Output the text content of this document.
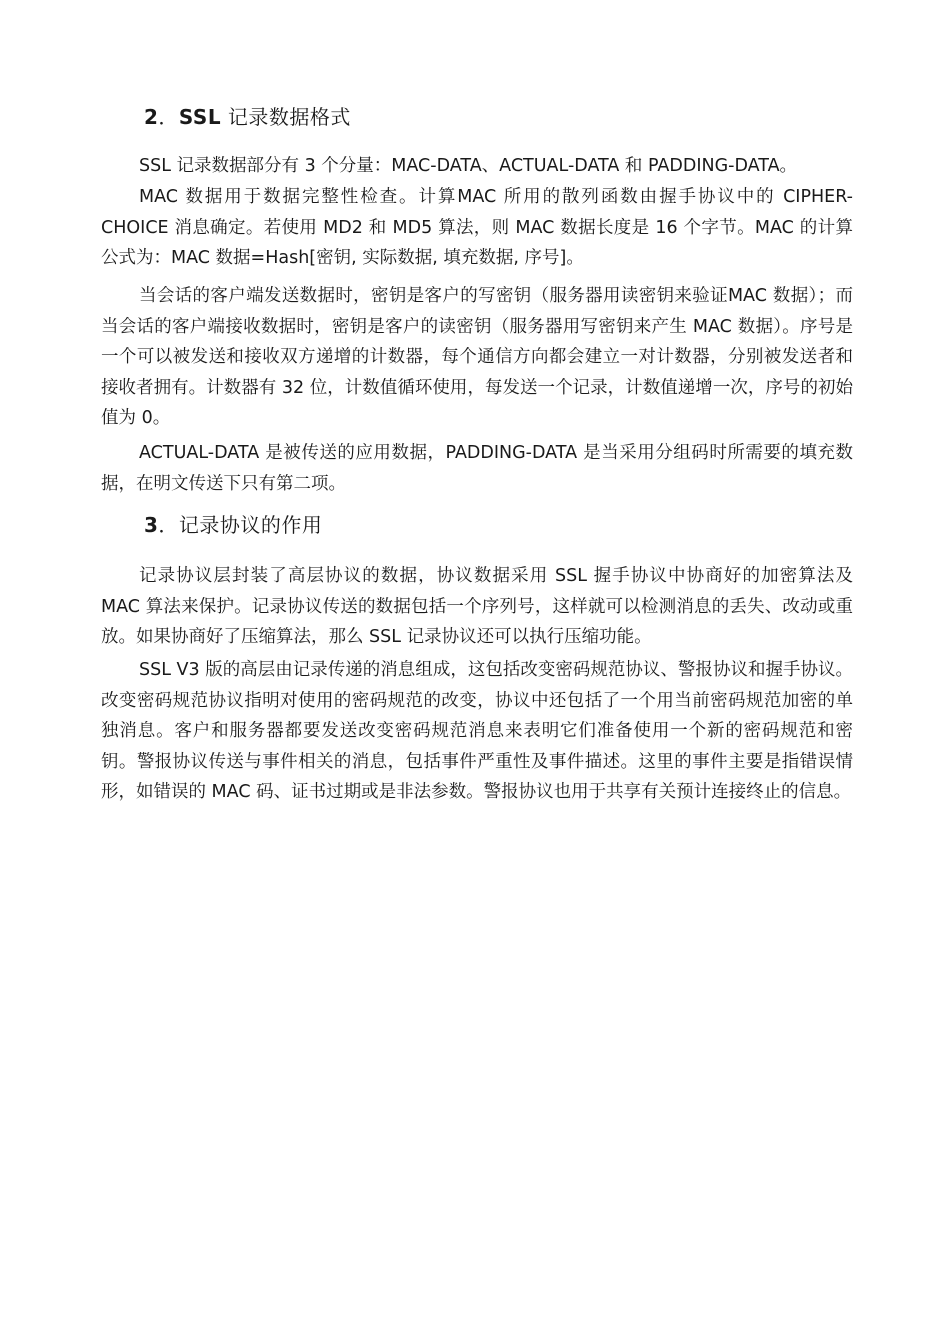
2．SSL 记录数据格式

SSL 记录数据部分有 3 个分量：MAC-DATA、ACTUAL-DATA 和 PADDING-DATA。

MAC 数据用于数据完整性检查。计算MAC 所用的散列函数由握手协议中的 CIPHER-CHOICE 消息确定。若使用 MD2 和 MD5 算法，则 MAC 数据长度是 16 个字节。MAC 的计算公式为：MAC 数据=Hash[密钥, 实际数据, 填充数据, 序号]。

当会话的客户端发送数据时，密钥是客户的写密钥（服务器用读密钥来验证MAC 数据）；而当会话的客户端接收数据时，密钥是客户的读密钥（服务器用写密钥来产生 MAC 数据）。序号是一个可以被发送和接收双方递增的计数器，每个通信方向都会建立一对计数器，分别被发送者和接收者拥有。计数器有 32 位，计数值循环使用，每发送一个记录，计数值递增一次，序号的初始值为 0。

ACTUAL-DATA 是被传送的应用数据，PADDING-DATA 是当采用分组码时所需要的填充数据，在明文传送下只有第二项。

3．记录协议的作用

记录协议层封装了高层协议的数据，协议数据采用 SSL 握手协议中协商好的加密算法及 MAC 算法来保护。记录协议传送的数据包括一个序列号，这样就可以检测消息的丢失、改动或重放。如果协商好了压缩算法，那么 SSL 记录协议还可以执行压缩功能。

SSL V3 版的高层由记录传递的消息组成，这包括改变密码规范协议、警报协议和握手协议。改变密码规范协议指明对使用的密码规范的改变，协议中还包括了一个用当前密码规范加密的单独消息。客户和服务器都要发送改变密码规范消息来表明它们准备使用一个新的密码规范和密钥。警报协议传送与事件相关的消息，包括事件严重性及事件描述。这里的事件主要是指错误情形，如错误的 MAC 码、证书过期或是非法参数。警报协议也用于共享有关预计连接终止的信息。
